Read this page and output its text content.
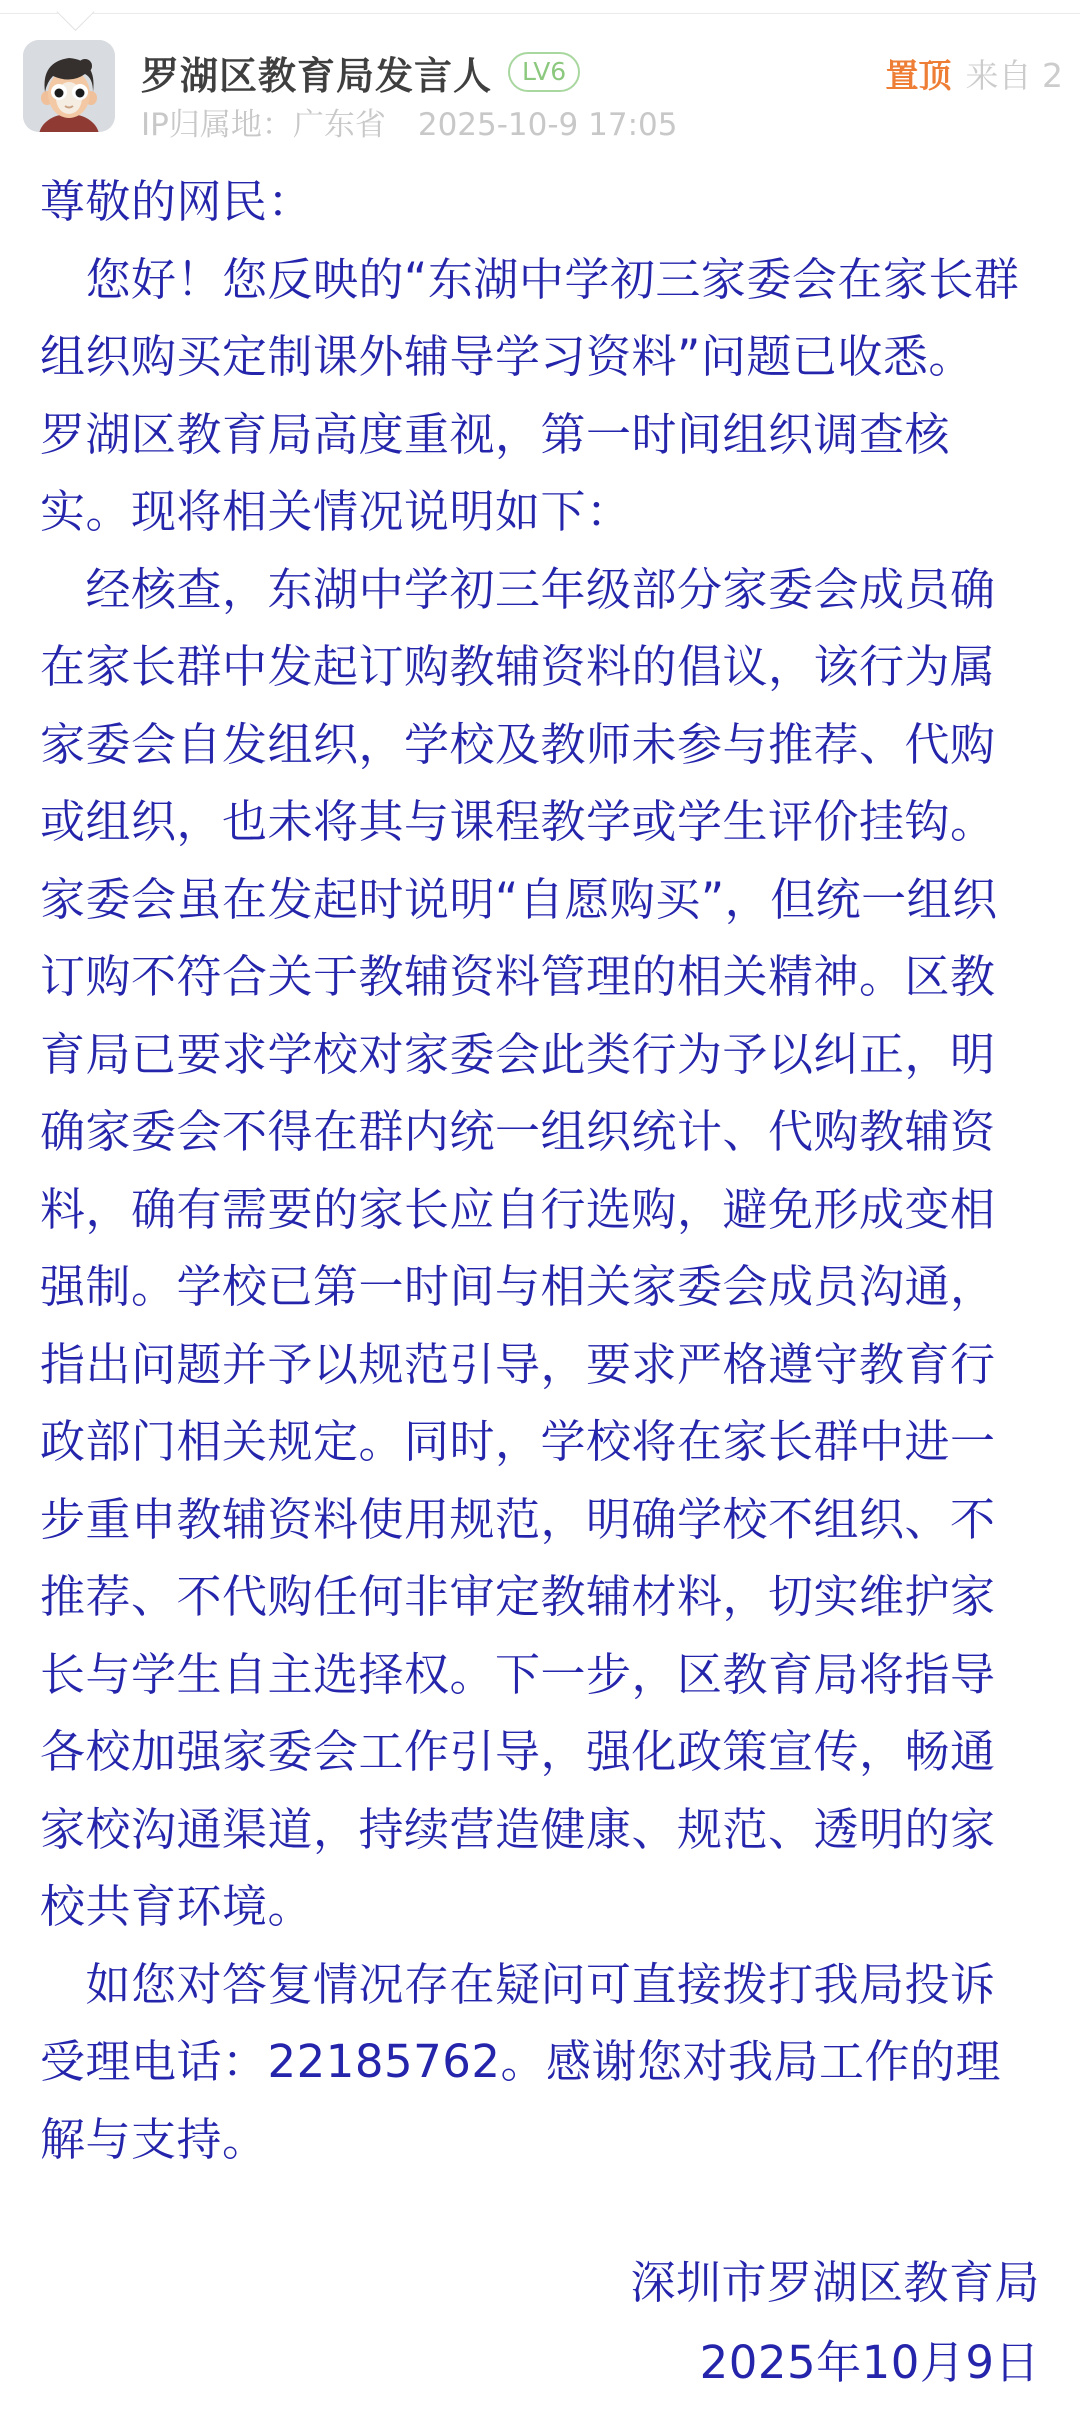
罗湖区教育局发言人	LV6	置顶 来自 2
IP归属地：广东省 2025-10-9 17:05
尊敬的网民：
　您好！您反映的“东湖中学初三家委会在家长群
组织购买定制课外辅导学习资料”问题已收悉。
罗湖区教育局高度重视，第一时间组织调查核
实。现将相关情况说明如下：
　经核查，东湖中学初三年级部分家委会成员确
在家长群中发起订购教辅资料的倡议，该行为属
家委会自发组织，学校及教师未参与推荐、代购
或组织，也未将其与课程教学或学生评价挂钩。
家委会虽在发起时说明“自愿购买”，但统一组织
订购不符合关于教辅资料管理的相关精神。区教
育局已要求学校对家委会此类行为予以纠正，明
确家委会不得在群内统一组织统计、代购教辅资
料，确有需要的家长应自行选购，避免形成变相
强制。学校已第一时间与相关家委会成员沟通，
指出问题并予以规范引导，要求严格遵守教育行
政部门相关规定。同时，学校将在家长群中进一
步重申教辅资料使用规范，明确学校不组织、不
推荐、不代购任何非审定教辅材料，切实维护家
长与学生自主选择权。下一步，区教育局将指导
各校加强家委会工作引导，强化政策宣传，畅通
家校沟通渠道，持续营造健康、规范、透明的家
校共育环境。
　如您对答复情况存在疑问可直接拨打我局投诉
受理电话：22185762。感谢您对我局工作的理
解与支持。
深圳市罗湖区教育局
2025年10月9日
